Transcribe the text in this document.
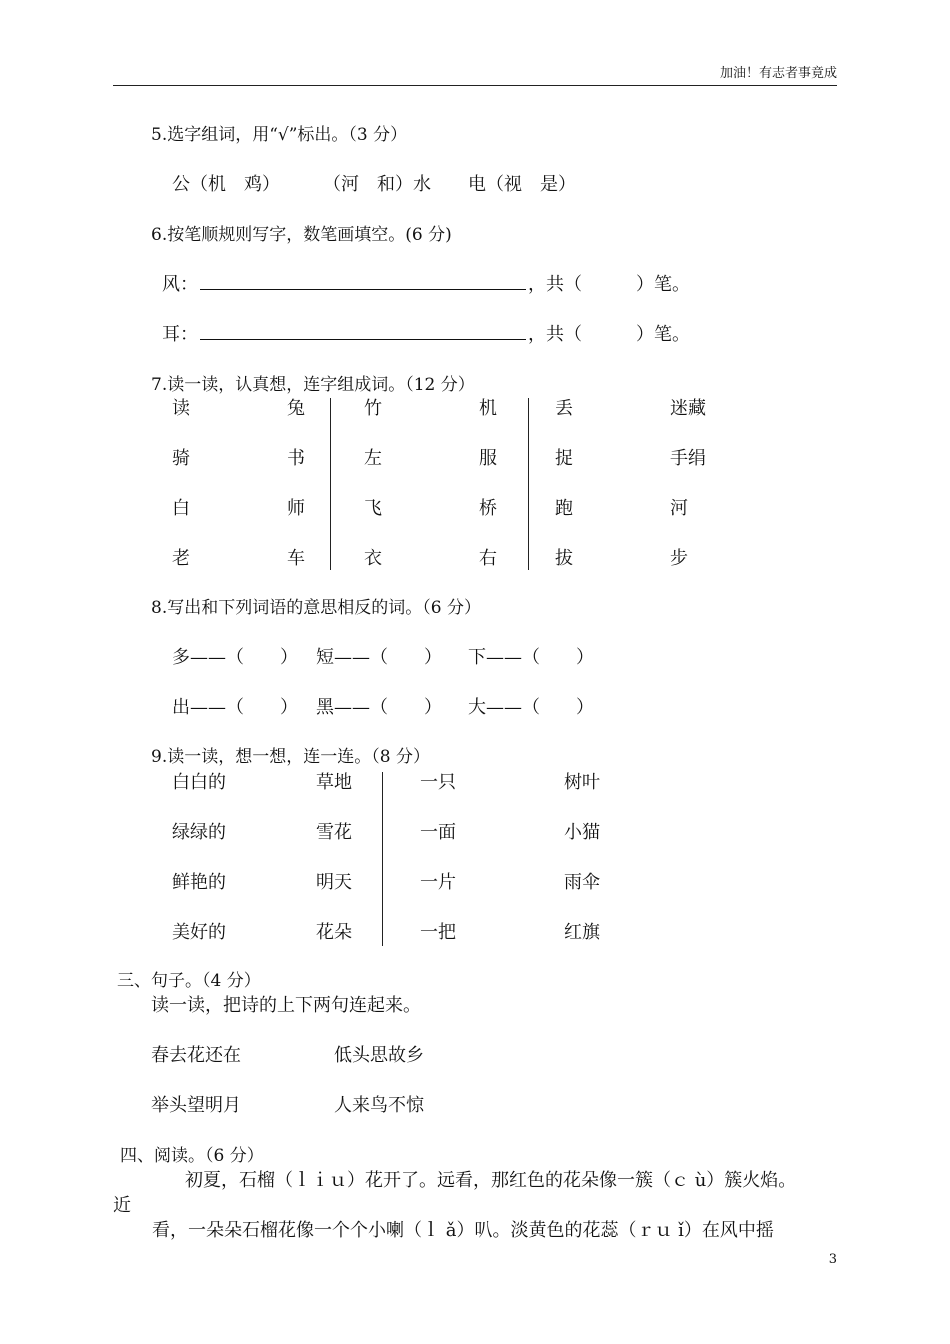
加油！有志者事竟成
5.选字组词，用“√”标出。（3 分）
公（机　鸡） （河　和）水 电（视　是）
6.按笔顺规则写字，数笔画填空。(6 分)
风：	，共（　　　）笔。
耳：	，共（　　　）笔。
7.读一读，认真想，连字组成词。（12 分）
读	兔	竹	机	丢	迷藏
骑	书	左	服	捉	手绢
白	师	飞	桥	跑	河
老	车	衣	右	拔	步
8.写出和下列词语的意思相反的词。（6 分）
多——（　　） 短——（　　） 下——（　　）
出——（　　） 黑——（　　） 大——（　　）
9.读一读，想一想，连一连。（8 分）
白白的	草地	一只	树叶
绿绿的	雪花	一面	小猫
鲜艳的	明天	一片	雨伞
美好的	花朵	一把	红旗
三、句子。（4 分）
读一读，把诗的上下两句连起来。
春去花还在	低头思故乡
举头望明月	人来鸟不惊
四、阅读。（6 分）
初夏，石榴（ｌｉｕ）花开了。远看，那红色的花朵像一簇（ｃ ù）簇火焰。
近
看，一朵朵石榴花像一个个小喇（ｌ ǎ）叭。淡黄色的花蕊（ｒｕ ǐ）在风中摇
3
